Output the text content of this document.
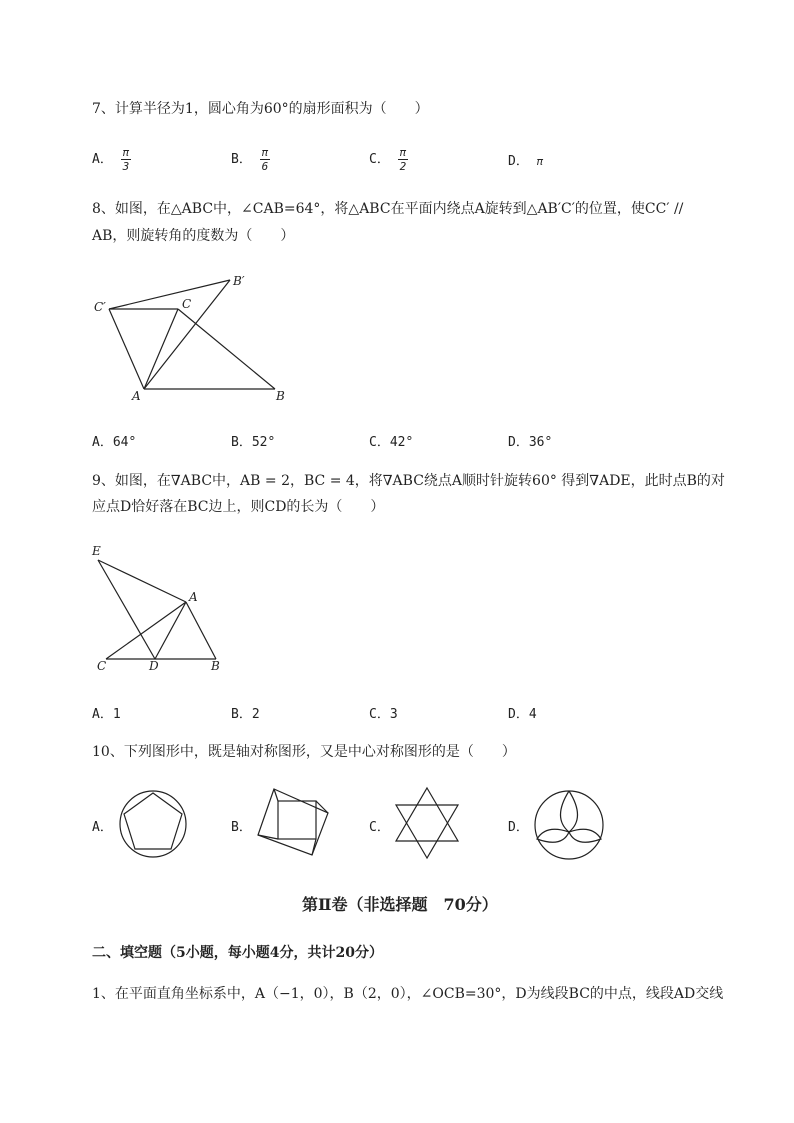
7、计算半径为1，圆心角为60°的扇形面积为（　　）
A． $\frac{\pi}{3}$	B． $\frac{\pi}{6}$	C． $\frac{\pi}{2}$	D． π
8、如图，在△ABC中，∠CAB=64°，将△ABC在平面内绕点A旋转到△AB′C′的位置，使CC′ //
AB，则旋转角的度数为（　　）
A	B
C
B′
C′
A．64°	B．52°	C．42°	D．36°
9、如图，在∇ABC中，AB = 2，BC = 4，将∇ABC绕点A顺时针旋转60° 得到∇ADE，此时点B的对
应点D恰好落在BC边上，则CD的长为（　　）
E
A
C	D	B
A．1	B．2	C．3	D．4
10、下列图形中，既是轴对称图形，又是中心对称图形的是（　　）
A．	B．	C．	D．
第Ⅱ卷（非选择题　70分）
二、填空题（5小题，每小题4分，共计20分）
1、在平面直角坐标系中，A（−1，0），B（2，0），∠OCB=30°，D为线段BC的中点，线段AD交线
